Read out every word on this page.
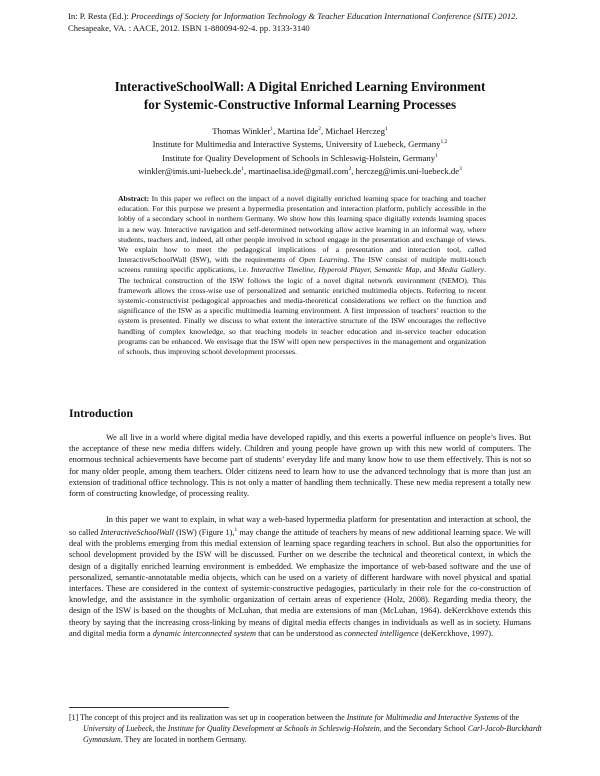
In: P. Resta (Ed.): Proceedings of Society for Information Technology & Teacher Education International Conference (SITE) 2012. Chesapeake, VA. : AACE, 2012. ISBN 1-880094-92-4. pp. 3133-3140
InteractiveSchoolWall: A Digital Enriched Learning Environment
for Systemic-Constructive Informal Learning Processes
Thomas Winkler$^1$, Martina Ide$^2$, Michael Herczeg$^1$
Institute for Multimedia and Interactive Systems, University of Luebeck, Germany$^{1,2}$
Institute for Quality Development of Schools in Schleswig-Holstein, Germany$^1$
$winkler@imis.uni-luebeck.de^1$, martinaelisa.ide@gmail.com$^2$, $herczeg@imis.uni-luebeck.de^3$

Abstract: In this paper we reflect on the impact of a novel digitally enriched learning space for teaching and teacher education. For this purpose we present a hypermedia presentation and interaction platform, publicly accessible in the lobby of a secondary school in northern Germany. We show how this learning space digitally extends learning spaces in a new way. Interactive navigation and self-determined networking allow active learning in an informal way, where students, teachers and, indeed, all other people involved in school engage in the presentation and exchange of views. We explain how to meet the pedagogical implications of a presentation and interaction tool, called InteractiveSchoolWall (ISW), with the requirements of Open Learning. The ISW consist of multiple multi-touch screens running specific applications, i.e. Interactive Timeline, Hyperoid Player, Semantic Map, and Media Gallery. The technical construction of the ISW follows the logic of a novel digital network environment (NEMO). This framework allows the cross-wise use of personalized and semantic enriched multimedia objects. Referring to recent systemic-constructivist pedagogical approaches and media-theoretical considerations we reflect on the function and significance of the ISW as a specific multimedia learning environment. A first impression of teachers’ reaction to the system is presented. Finally we discuss to what extent the interactive structure of the ISW encourages the reflective handling of complex knowledge, so that teaching models in teacher education and in-service teacher education programs can be enhanced. We envisage that the ISW will open new perspectives in the management and organization of schools, thus improving school development processes.

Introduction

We all live in a world where digital media have developed rapidly, and this exerts a powerful influence on people’s lives. But the acceptance of these new media differs widely. Children and young people have grown up with this new world of computers. The enormous technical achievements have become part of students’ everyday life and many know how to use them effectively. This is not so for many older people, among them teachers. Older citizens need to learn how to use the advanced technology that is more than just an extension of traditional office technology. This is not only a matter of handling them technically. These new media represent a totally new form of constructing knowledge, of processing reality.

In this paper we want to explain, in what way a web-based hypermedia platform for presentation and interaction at school, the so called InteractiveSchoolWall (ISW) (Figure 1),$^1$ may change the attitude of teachers by means of new additional learning space. We will deal with the problems emerging from this medial extension of learning space regarding teachers in school. But also the opportunities for school development provided by the ISW will be discussed. Further on we describe the technical and theoretical context, in which the design of a digitally enriched learning environment is embedded. We emphasize the importance of web-based software and the use of personalized, semantic-annotatable media objects, which can be used on a variety of different hardware with novel physical and spatial interfaces. These are considered in the context of systemic-constructive pedagogies, particularly in their role for the co-construction of knowledge, and the assistance in the symbolic organization of certain areas of experience (Holz, 2008). Regarding media theory, the design of the ISW is based on the thoughts of McLuhan, that media are extensions of man (McLuhan, 1964). deKerckhove extends this theory by saying that the increasing cross-linking by means of digital media effects changes in individuals as well as in society. Humans and digital media form a dynamic interconnected system that can be understood as connected intelligence (deKerckhove, 1997).

[1] The concept of this project and its realization was set up in cooperation between the Institute for Multimedia and Interactive Systems of the University of Luebeck, the Institute for Quality Development at Schools in Schleswig-Holstein, and the Secondary School Carl-Jacob-Burckhardt Gymnasium. They are located in northern Germany.
